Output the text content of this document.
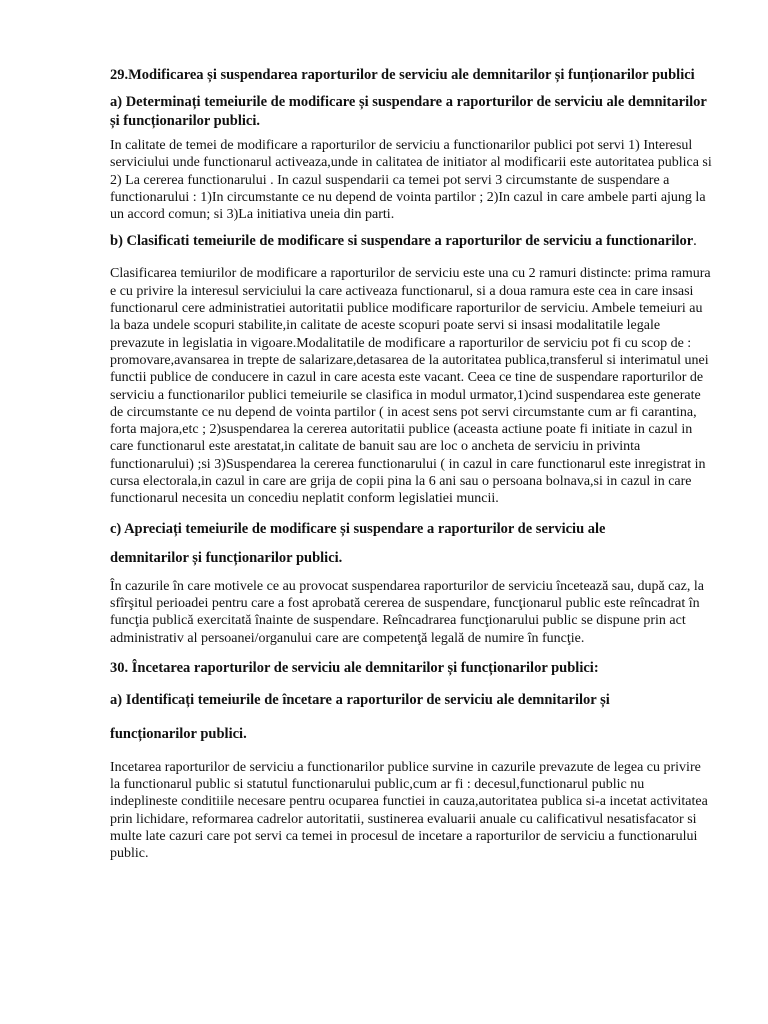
29.Modificarea și suspendarea raporturilor de serviciu ale demnitarilor și funționarilor publici
a) Determinați temeiurile de modificare și suspendare a raporturilor de serviciu ale demnitarilor și funcționarilor publici.
In calitate de temei de modificare a raporturilor de serviciu a functionarilor publici pot servi 1) Interesul serviciului unde functionarul activeaza,unde in calitatea de initiator al modificarii este autoritatea publica si 2) La cererea functionarului . In cazul suspendarii ca temei pot servi 3 circumstante de suspendare a functionarului : 1)In circumstante ce nu depend de vointa partilor ; 2)In cazul in care ambele parti ajung la un accord comun; si 3)La initiativa uneia din parti.
b) Clasificati temeiurile de modificare si suspendare a raporturilor de serviciu a functionarilor.
Clasificarea temiurilor de modificare a raporturilor de serviciu este una cu 2 ramuri distincte: prima ramura e cu privire la interesul serviciului la care activeaza functionarul, si a doua ramura este cea in care insasi functionarul cere administratiei autoritatii publice modificare raporturilor de serviciu. Ambele temeiuri au la baza undele scopuri stabilite,in calitate de aceste scopuri poate servi si insasi modalitatile legale prevazute in legislatia in vigoare.Modalitatile de modificare a raporturilor de serviciu pot fi cu scop de : promovare,avansarea in trepte de salarizare,detasarea de la autoritatea publica,transferul si interimatul unei functii publice de conducere in cazul in care acesta este vacant. Ceea ce tine de suspendare raporturilor de serviciu a functionarilor publici temeiurile se clasifica in modul urmator,1)cind suspendarea este generate de circumstante ce nu depend de vointa partilor ( in acest sens pot servi circumstante cum ar fi carantina, forta majora,etc ; 2)suspendarea la cererea autoritatii publice (aceasta actiune poate fi initiate in cazul in care functionarul este arestatat,in calitate de banuit sau are loc o ancheta de serviciu in privinta functionarului) ;si 3)Suspendarea la cererea functionarului ( in cazul in care functionarul este inregistrat in cursa electorala,in cazul in care are grija de copii pina la 6 ani sau o persoana bolnava,si in cazul in care functionarul necesita un concediu neplatit conform legislatiei muncii.
c) Apreciați temeiurile de modificare și suspendare a raporturilor de serviciu ale
demnitarilor și funcționarilor publici.
În cazurile în care motivele ce au provocat suspendarea raporturilor de serviciu încetează sau, după caz, la sfîrşitul perioadei pentru care a fost aprobată cererea de suspendare, funcţionarul public este reîncadrat în funcţia publică exercitată înainte de suspendare. Reîncadrarea funcţionarului public se dispune prin act administrativ al persoanei/organului care are competenţă legală de numire în funcţie.
30. Încetarea raporturilor de serviciu ale demnitarilor și funcționarilor publici:
a) Identificați temeiurile de încetare a raporturilor de serviciu ale demnitarilor și
funcționarilor publici.
Incetarea raporturilor de serviciu a functionarilor publice survine in cazurile prevazute de legea cu privire la functionarul public si statutul functionarului public,cum ar fi : decesul,functionarul public nu indeplineste conditiile necesare pentru ocuparea functiei in cauza,autoritatea publica si-a incetat activitatea prin lichidare, reformarea cadrelor autoritatii, sustinerea evaluarii anuale cu calificativul nesatisfacator si multe late cazuri care pot servi ca temei in procesul de incetare a raporturilor de serviciu a functionarului public.
